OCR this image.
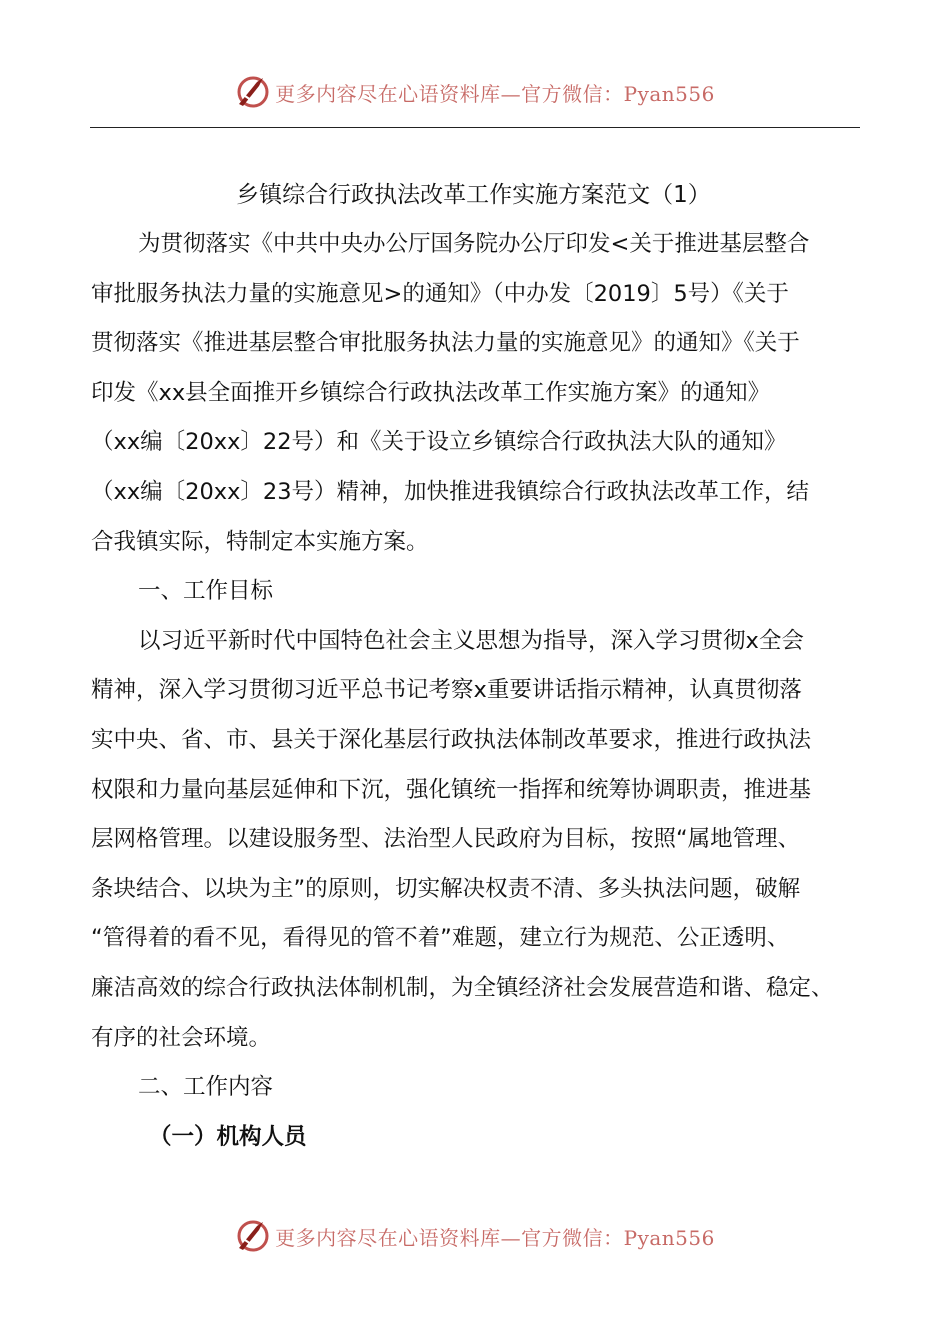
更多内容尽在心语资料库—官方微信：Pyan556
乡镇综合行政执法改革工作实施方案范文（1）
为贯彻落实《中共中央办公厅国务院办公厅印发<关于推进基层整合
审批服务执法力量的实施意见>的通知》（中办发〔2019〕5号）《关于
贯彻落实《推进基层整合审批服务执法力量的实施意见》的通知》《关于
印发《xx县全面推开乡镇综合行政执法改革工作实施方案》的通知》
（xx编〔20xx〕22号）和《关于设立乡镇综合行政执法大队的通知》
（xx编〔20xx〕23号）精神，加快推进我镇综合行政执法改革工作，结
合我镇实际，特制定本实施方案。
一、工作目标
以习近平新时代中国特色社会主义思想为指导，深入学习贯彻x全会
精神，深入学习贯彻习近平总书记考察x重要讲话指示精神，认真贯彻落
实中央、省、市、县关于深化基层行政执法体制改革要求，推进行政执法
权限和力量向基层延伸和下沉，强化镇统一指挥和统筹协调职责，推进基
层网格管理。以建设服务型、法治型人民政府为目标，按照“属地管理、
条块结合、以块为主”的原则，切实解决权责不清、多头执法问题，破解
“管得着的看不见，看得见的管不着”难题，建立行为规范、公正透明、
廉洁高效的综合行政执法体制机制，为全镇经济社会发展营造和谐、稳定、
有序的社会环境。
二、工作内容
（一）机构人员
更多内容尽在心语资料库—官方微信：Pyan556
